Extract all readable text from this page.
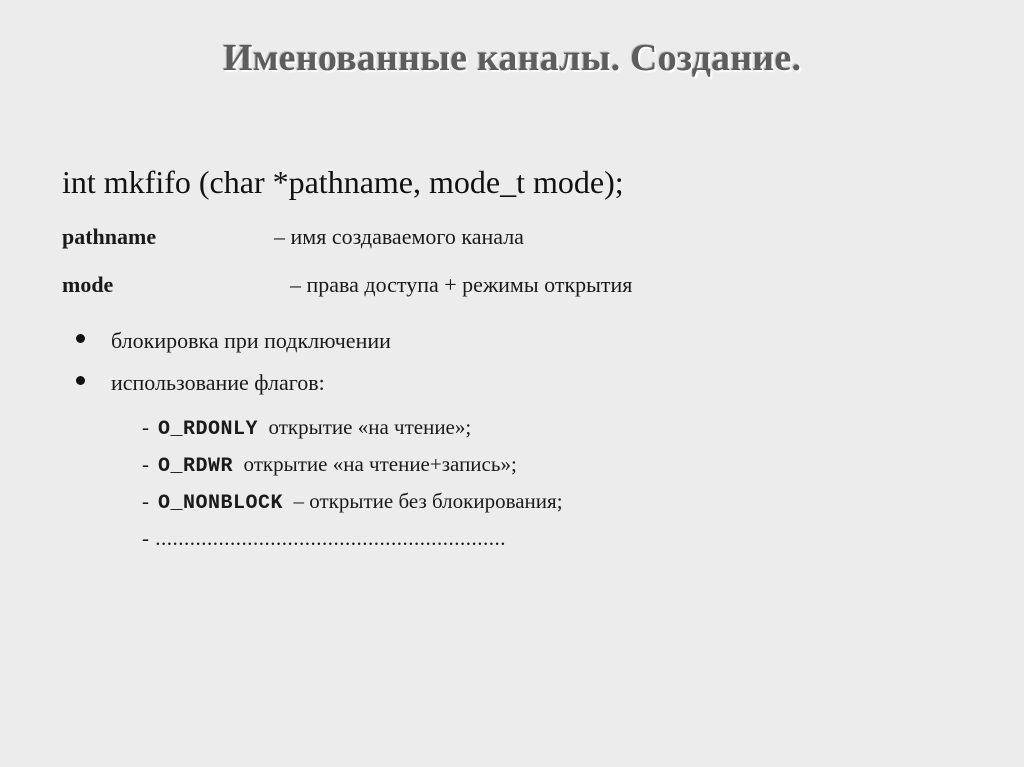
Именованные каналы. Создание.
int mkfifo (char *pathname, mode_t mode);
pathname	– имя создаваемого канала
mode	– права доступа + режимы открытия
блокировка при подключении
использование флагов:
- O_RDONLY открытие «на чтение»;
- O_RDWR открытие «на чтение+запись»;
- O_NONBLOCK – открытие без блокирования;
- .............................................................
